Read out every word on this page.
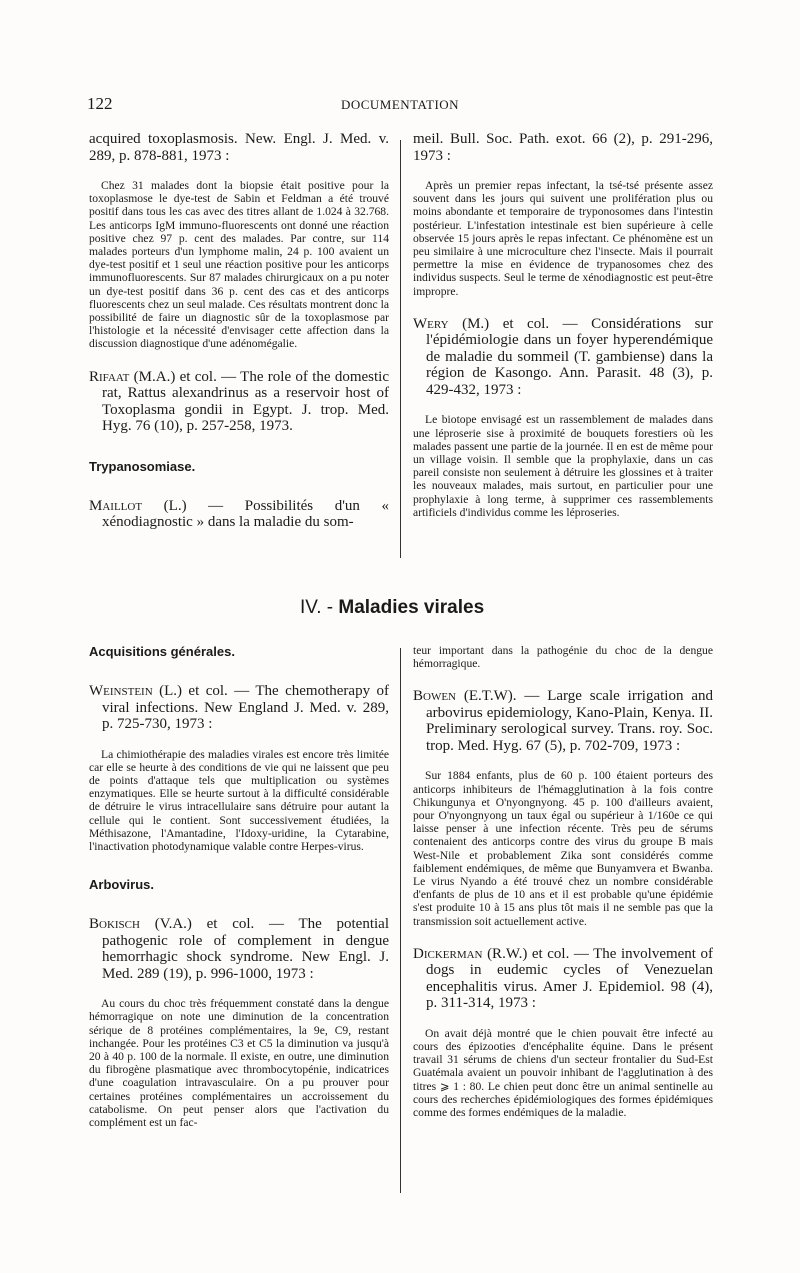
122	DOCUMENTATION

acquired toxoplasmosis. New. Engl. J. Med. v. 289, p. 878-881, 1973 :

Chez 31 malades dont la biopsie était positive pour la toxoplasmose le dye-test de Sabin et Feldman a été trouvé positif dans tous les cas avec des titres allant de 1.024 à 32.768. Les anticorps IgM immuno-fluorescents ont donné une réaction positive chez 97 p. cent des malades. Par contre, sur 114 malades porteurs d'un lymphome malin, 24 p. 100 avaient un dye-test positif et 1 seul une réaction positive pour les anticorps immunofluorescents. Sur 87 malades chirurgicaux on a pu noter un dye-test positif dans 36 p. cent des cas et des anticorps fluorescents chez un seul malade. Ces résultats montrent donc la possibilité de faire un diagnostic sûr de la toxoplasmose par l'histologie et la nécessité d'envisager cette affection dans la discussion diagnostique d'une adénomégalie.

Rifaat (M.A.) et col. — The role of the domestic rat, Rattus alexandrinus as a reservoir host of Toxoplasma gondii in Egypt. J. trop. Med. Hyg. 76 (10), p. 257-258, 1973.

Trypanosomiase.

Maillot (L.) — Possibilités d'un « xénodiagnostic » dans la maladie du som-

meil. Bull. Soc. Path. exot. 66 (2), p. 291-296, 1973 :

Après un premier repas infectant, la tsé-tsé présente assez souvent dans les jours qui suivent une prolifération plus ou moins abondante et temporaire de tryponosomes dans l'intestin postérieur. L'infestation intestinale est bien supérieure à celle observée 15 jours après le repas infectant. Ce phénomène est un peu similaire à une microculture chez l'insecte. Mais il pourrait permettre la mise en évidence de trypanosomes chez des individus suspects. Seul le terme de xénodiagnostic est peut-être impropre.

Wery (M.) et col. — Considérations sur l'épidémiologie dans un foyer hyperendémique de maladie du sommeil (T. gambiense) dans la région de Kasongo. Ann. Parasit. 48 (3), p. 429-432, 1973 :

Le biotope envisagé est un rassemblement de malades dans une léproserie sise à proximité de bouquets forestiers où les malades passent une partie de la journée. Il en est de même pour un village voisin. Il semble que la prophylaxie, dans un cas pareil consiste non seulement à détruire les glossines et à traiter les nouveaux malades, mais surtout, en particulier pour une prophylaxie à long terme, à supprimer ces rassemblements artificiels d'individus comme les léproseries.

IV. - Maladies virales

Acquisitions générales.

Weinstein (L.) et col. — The chemotherapy of viral infections. New England J. Med. v. 289, p. 725-730, 1973 :

La chimiothérapie des maladies virales est encore très limitée car elle se heurte à des conditions de vie qui ne laissent que peu de points d'attaque tels que multiplication ou systèmes enzymatiques. Elle se heurte surtout à la difficulté considérable de détruire le virus intracellulaire sans détruire pour autant la cellule qui le contient. Sont successivement étudiées, la Méthisazone, l'Amantadine, l'Idoxy-uridine, la Cytarabine, l'inactivation photodynamique valable contre Herpes-virus.

Arbovirus.

Bokisch (V.A.) et col. — The potential pathogenic role of complement in dengue hemorrhagic shock syndrome. New Engl. J. Med. 289 (19), p. 996-1000, 1973 :

Au cours du choc très fréquemment constaté dans la dengue hémorragique on note une diminution de la concentration sérique de 8 protéines complémentaires, la 9e, C9, restant inchangée. Pour les protéines C3 et C5 la diminution va jusqu'à 20 à 40 p. 100 de la normale. Il existe, en outre, une diminution du fibrogène plasmatique avec thrombocytopénie, indicatrices d'une coagulation intravasculaire. On a pu prouver pour certaines protéines complémentaires un accroissement du catabolisme. On peut penser alors que l'activation du complément est un fac-

teur important dans la pathogénie du choc de la dengue hémorragique.

Bowen (E.T.W). — Large scale irrigation and arbovirus epidemiology, Kano-Plain, Kenya. II. Preliminary serological survey. Trans. roy. Soc. trop. Med. Hyg. 67 (5), p. 702-709, 1973 :

Sur 1884 enfants, plus de 60 p. 100 étaient porteurs des anticorps inhibiteurs de l'hémagglutination à la fois contre Chikungunya et O'nyongnyong. 45 p. 100 d'ailleurs avaient, pour O'nyongnyong un taux égal ou supérieur à 1/160e ce qui laisse penser à une infection récente. Très peu de sérums contenaient des anticorps contre des virus du groupe B mais West-Nile et probablement Zika sont considérés comme faiblement endémiques, de même que Bunyamvera et Bwanba. Le virus Nyando a été trouvé chez un nombre considérable d'enfants de plus de 10 ans et il est probable qu'une épidémie s'est produite 10 à 15 ans plus tôt mais il ne semble pas que la transmission soit actuellement active.

Dickerman (R.W.) et col. — The involvement of dogs in eudemic cycles of Venezuelan encephalitis virus. Amer J. Epidemiol. 98 (4), p. 311-314, 1973 :

On avait déjà montré que le chien pouvait être infecté au cours des épizooties d'encéphalite équine. Dans le présent travail 31 sérums de chiens d'un secteur frontalier du Sud-Est Guatémala avaient un pouvoir inhibant de l'agglutination à des titres ⩾ 1 : 80. Le chien peut donc être un animal sentinelle au cours des recherches épidémiologiques des formes épidémiques comme des formes endémiques de la maladie.
